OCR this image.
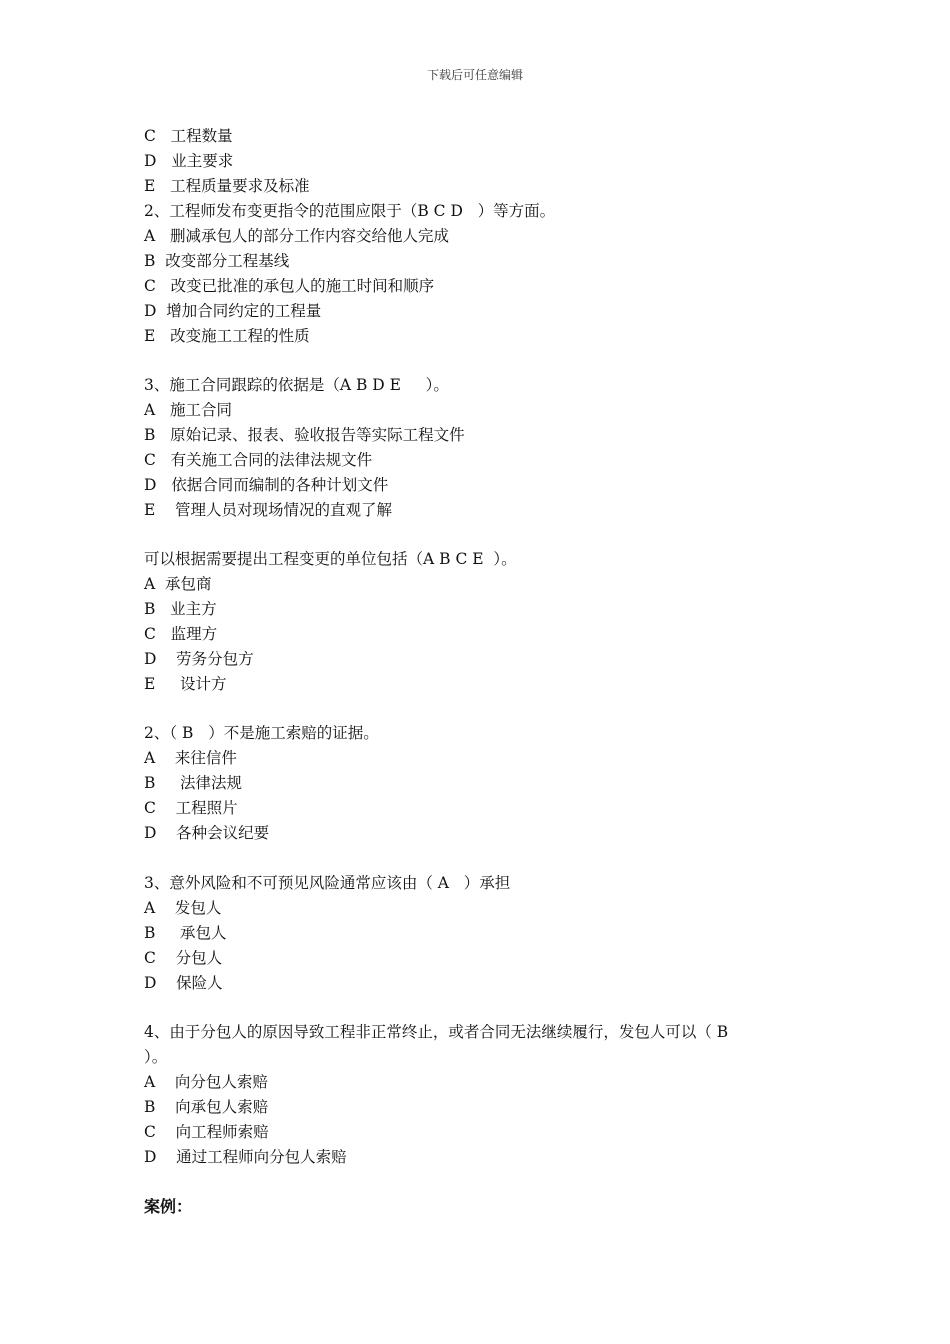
下载后可任意编辑
C   工程数量
D   业主要求
E   工程质量要求及标准
2、工程师发布变更指令的范围应限于（B C D   ）等方面。
A   删减承包人的部分工作内容交给他人完成
B  改变部分工程基线
C   改变已批准的承包人的施工时间和顺序
D  增加合同约定的工程量
E   改变施工工程的性质
3、施工合同跟踪的依据是（A B D E     ）。
A   施工合同
B   原始记录、报表、验收报告等实际工程文件
C   有关施工合同的法律法规文件
D   依据合同而编制的各种计划文件
E    管理人员对现场情况的直观了解
可以根据需要提出工程变更的单位包括（A B C E  ）。
A  承包商
B   业主方
C   监理方
D    劳务分包方
E     设计方
2、（ B   ）不是施工索赔的证据。
A    来往信件
B     法律法规
C    工程照片
D    各种会议纪要
3、意外风险和不可预见风险通常应该由（ A   ）承担
A    发包人
B     承包人
C    分包人
D    保险人
4、由于分包人的原因导致工程非正常终止，或者合同无法继续履行，发包人可以（ B
）。
A    向分包人索赔
B    向承包人索赔
C    向工程师索赔
D    通过工程师向分包人索赔
案例：
